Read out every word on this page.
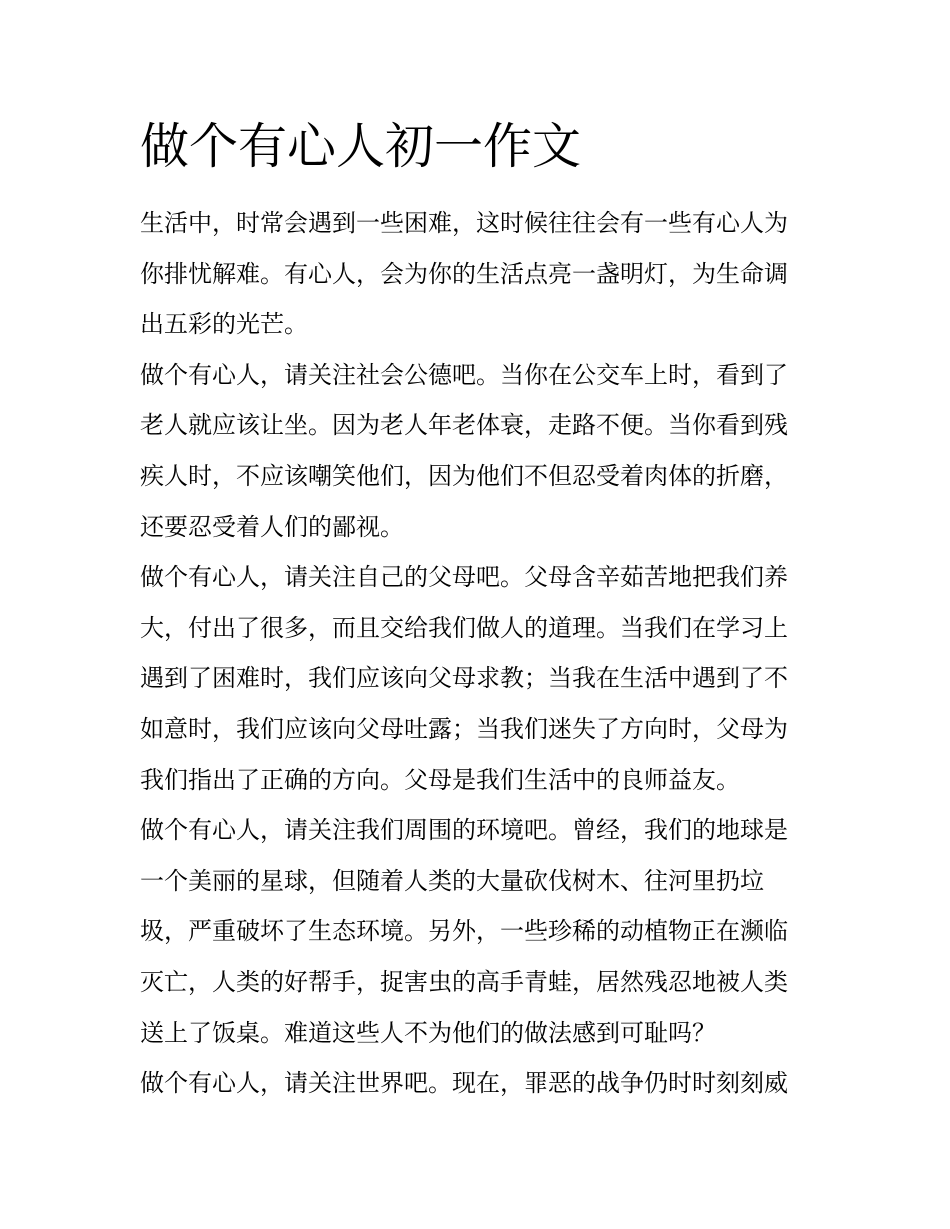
做个有心人初一作文
生活中，时常会遇到一些困难，这时候往往会有一些有心人为
你排忧解难。有心人，会为你的生活点亮一盏明灯，为生命调
出五彩的光芒。
做个有心人，请关注社会公德吧。当你在公交车上时，看到了
老人就应该让坐。因为老人年老体衰，走路不便。当你看到残
疾人时，不应该嘲笑他们，因为他们不但忍受着肉体的折磨，
还要忍受着人们的鄙视。
做个有心人，请关注自己的父母吧。父母含辛茹苦地把我们养
大，付出了很多，而且交给我们做人的道理。当我们在学习上
遇到了困难时，我们应该向父母求教；当我在生活中遇到了不
如意时，我们应该向父母吐露；当我们迷失了方向时，父母为
我们指出了正确的方向。父母是我们生活中的良师益友。
做个有心人，请关注我们周围的环境吧。曾经，我们的地球是
一个美丽的星球，但随着人类的大量砍伐树木、往河里扔垃
圾，严重破坏了生态环境。另外，一些珍稀的动植物正在濒临
灭亡，人类的好帮手，捉害虫的高手青蛙，居然残忍地被人类
送上了饭桌。难道这些人不为他们的做法感到可耻吗？
做个有心人，请关注世界吧。现在，罪恶的战争仍时时刻刻威
